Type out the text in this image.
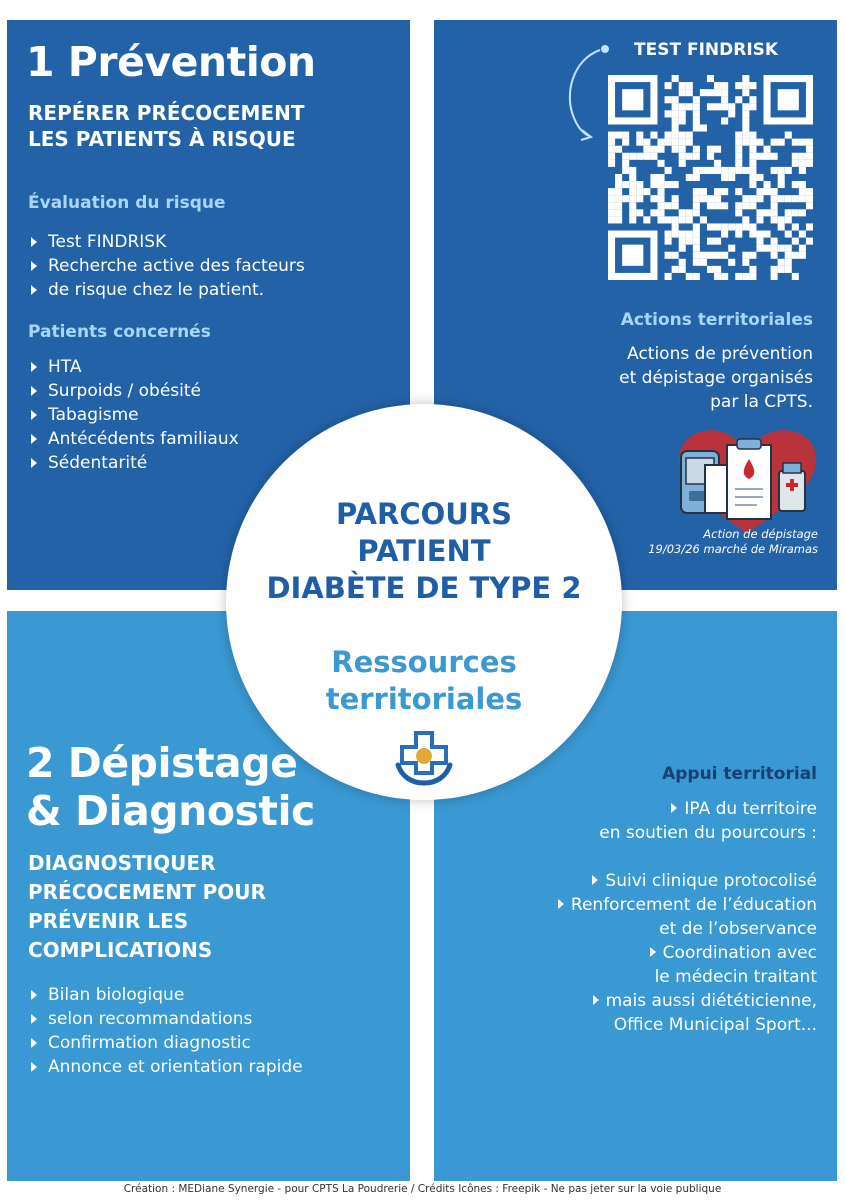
1 Prévention
REPÉRER PRÉCOCEMENT
LES PATIENTS À RISQUE
Évaluation du risque
Test FINDRISK
Recherche active des facteurs
de risque chez le patient.
Patients concernés
HTA
Surpoids / obésité
Tabagisme
Antécédents familiaux
Sédentarité
TEST FINDRISK
Actions territoriales
Actions de prévention
et dépistage organisés
par la CPTS.
Action de dépistage
19/03/26 marché de Miramas
2 Dépistage
& Diagnostic
DIAGNOSTIQUER
PRÉCOCEMENT POUR
PRÉVENIR LES
COMPLICATIONS
Bilan biologique
selon recommandations
Confirmation diagnostic
Annonce et orientation rapide
Appui territorial
IPA du territoire
en soutien du pourcours :
Suivi clinique protocolisé
Renforcement de l’éducation
et de l’observance
Coordination avec
le médecin traitant
mais aussi diététicienne,
Office Municipal Sport...
PARCOURS
PATIENT
DIABÈTE DE TYPE 2
Ressources
territoriales
Création : MEDiane Synergie - pour CPTS La Poudrerie / Crédits Icônes : Freepik - Ne pas jeter sur la voie publique
